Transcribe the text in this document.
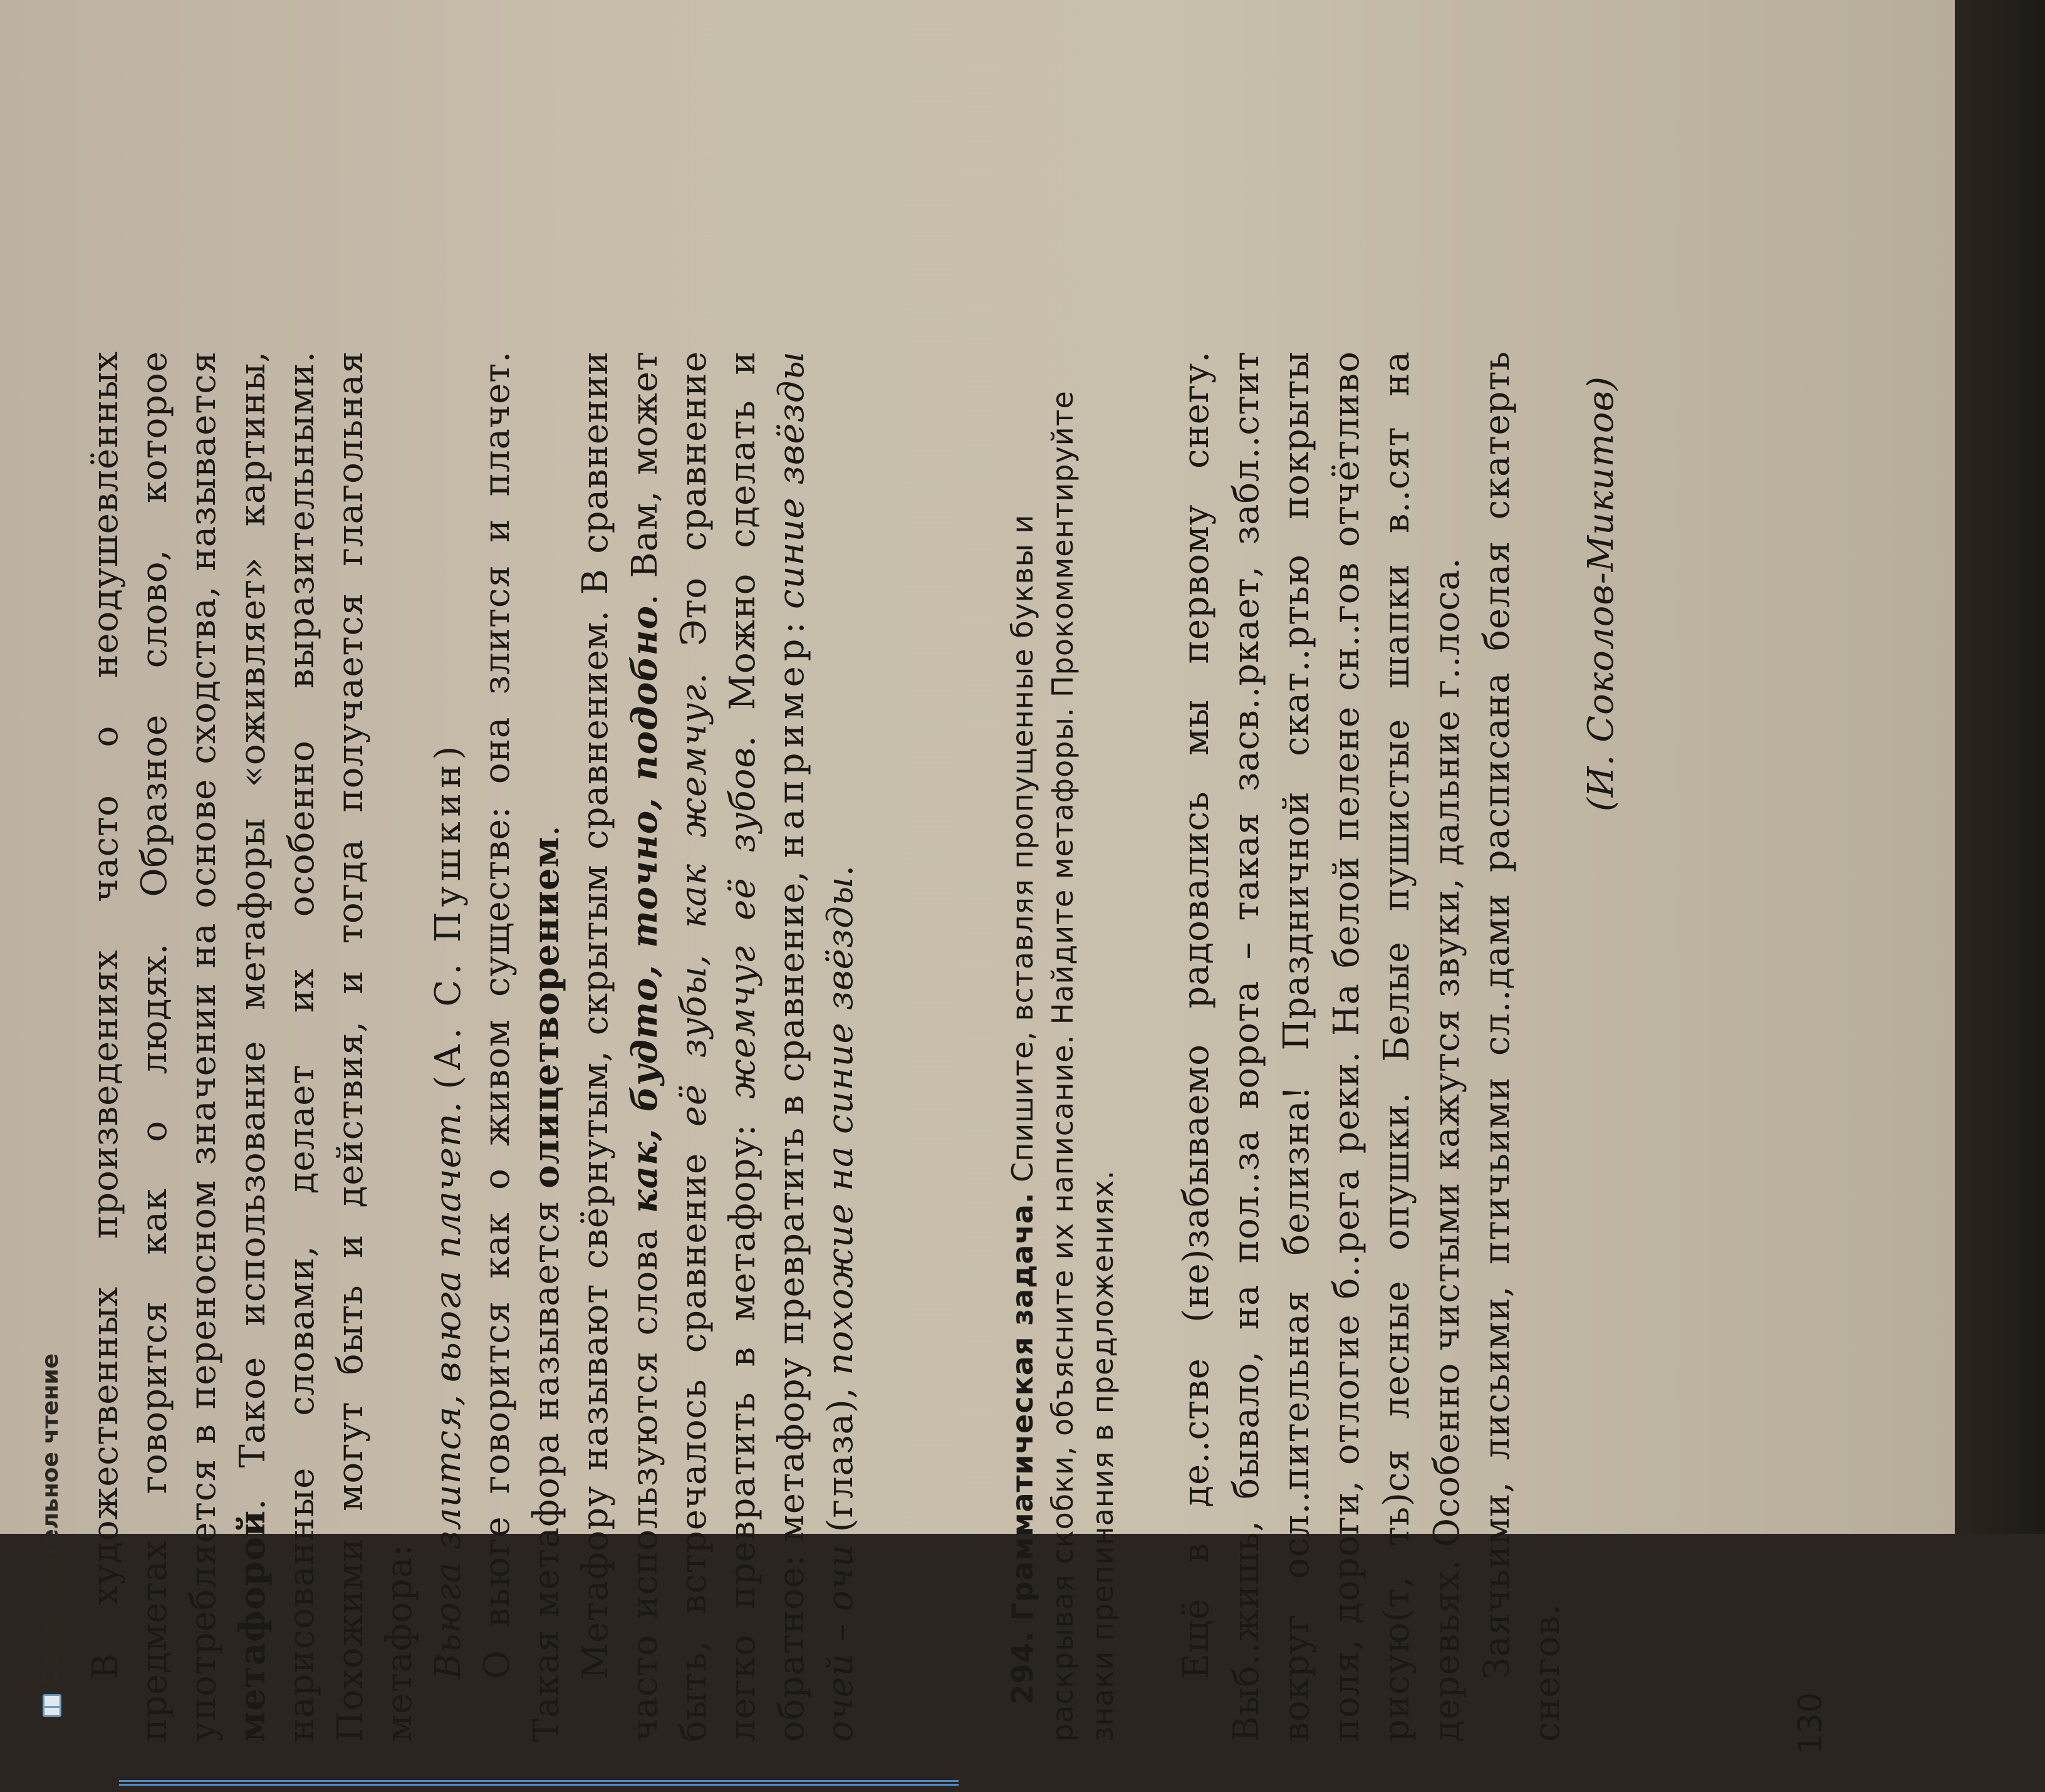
Ознакомительное чтение В художественных произведениях часто о неодушевлённых предметах говорится как о людях. Образное слово, которое употребляется в переносном значении на основе сходства, называется метафорой. Такое использование метафоры «оживляет» картины, нарисованные словами, делает их особенно выразительными. Похожими могут быть и действия, и тогда получается глагольная метафора: Вьюга злится, вьюга плачет. (А. С. Пушкин) О вьюге говорится как о живом существе: она злится и плачет. Такая метафора называется олицетворением. Метафору называют свёрнутым, скрытым сравнением. В сравнении часто используются слова как, будто, точно, подобно. Вам, может быть, встречалось сравнение её зубы, как жемчуг. Это сравнение легко превратить в метафору: жемчуг её зубов. Можно сделать и обратное: метафору превратить в сравнение, например: синие звёзды очей – очи (глаза), похожие на синие звёзды.

294. Грамматическая задача. Спишите, вставляя пропущенные буквы и раскрывая скобки, объясните их написание. Найдите метафоры. Прокомментируйте знаки препинания в предложениях. Ещё в де..стве (не)забываемо радовались мы первому снегу. Выб..жишь, бывало, на пол..за ворота – такая засв..ркает, забл..стит вокруг осл..пительная белизна! Праздничной скат..ртью покрыты поля, дороги, отлогие б..рега реки. На белой пелене сн..гов отчётливо рисую(т, ть)ся лесные опушки. Белые пушистые шапки в..сят на деревьях. Особенно чистыми кажутся звуки, дальние г..лоса. Заячьими, лисьими, птичьими сл..дами расписана белая скатерть снегов.

(И. Соколов-Микитов)
130
